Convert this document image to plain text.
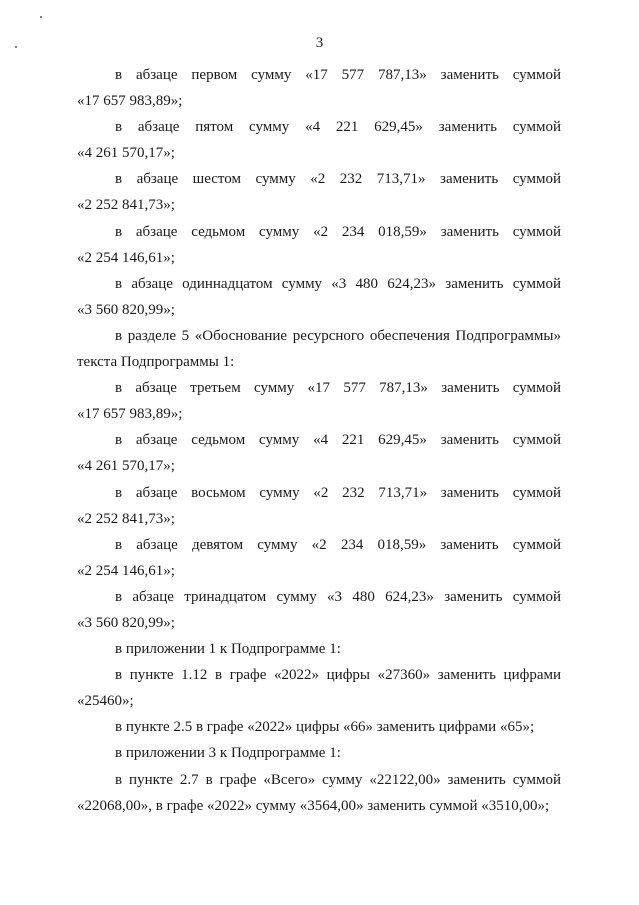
3

в абзаце первом сумму «17 577 787,13» заменить суммой

«17 657 983,89»;

в абзаце пятом сумму «4 221 629,45» заменить суммой

«4 261 570,17»;

в абзаце шестом сумму «2 232 713,71» заменить суммой

«2 252 841,73»;

в абзаце седьмом сумму «2 234 018,59» заменить суммой

«2 254 146,61»;

в абзаце одиннадцатом сумму «3 480 624,23» заменить суммой

«3 560 820,99»;

в разделе 5 «Обоснование ресурсного обеспечения Подпрограммы»

текста Подпрограммы 1:

в абзаце третьем сумму «17 577 787,13» заменить суммой

«17 657 983,89»;

в абзаце седьмом сумму «4 221 629,45» заменить суммой

«4 261 570,17»;

в абзаце восьмом сумму «2 232 713,71» заменить суммой

«2 252 841,73»;

в абзаце девятом сумму «2 234 018,59» заменить суммой

«2 254 146,61»;

в абзаце тринадцатом сумму «3 480 624,23» заменить суммой

«3 560 820,99»;

в приложении 1 к Подпрограмме 1:

в пункте 1.12 в графе «2022» цифры «27360» заменить цифрами

«25460»;

в пункте 2.5 в графе «2022» цифры «66» заменить цифрами «65»;

в приложении 3 к Подпрограмме 1:

в пункте 2.7 в графе «Всего» сумму «22122,00» заменить суммой

«22068,00», в графе «2022» сумму «3564,00» заменить суммой «3510,00»;
